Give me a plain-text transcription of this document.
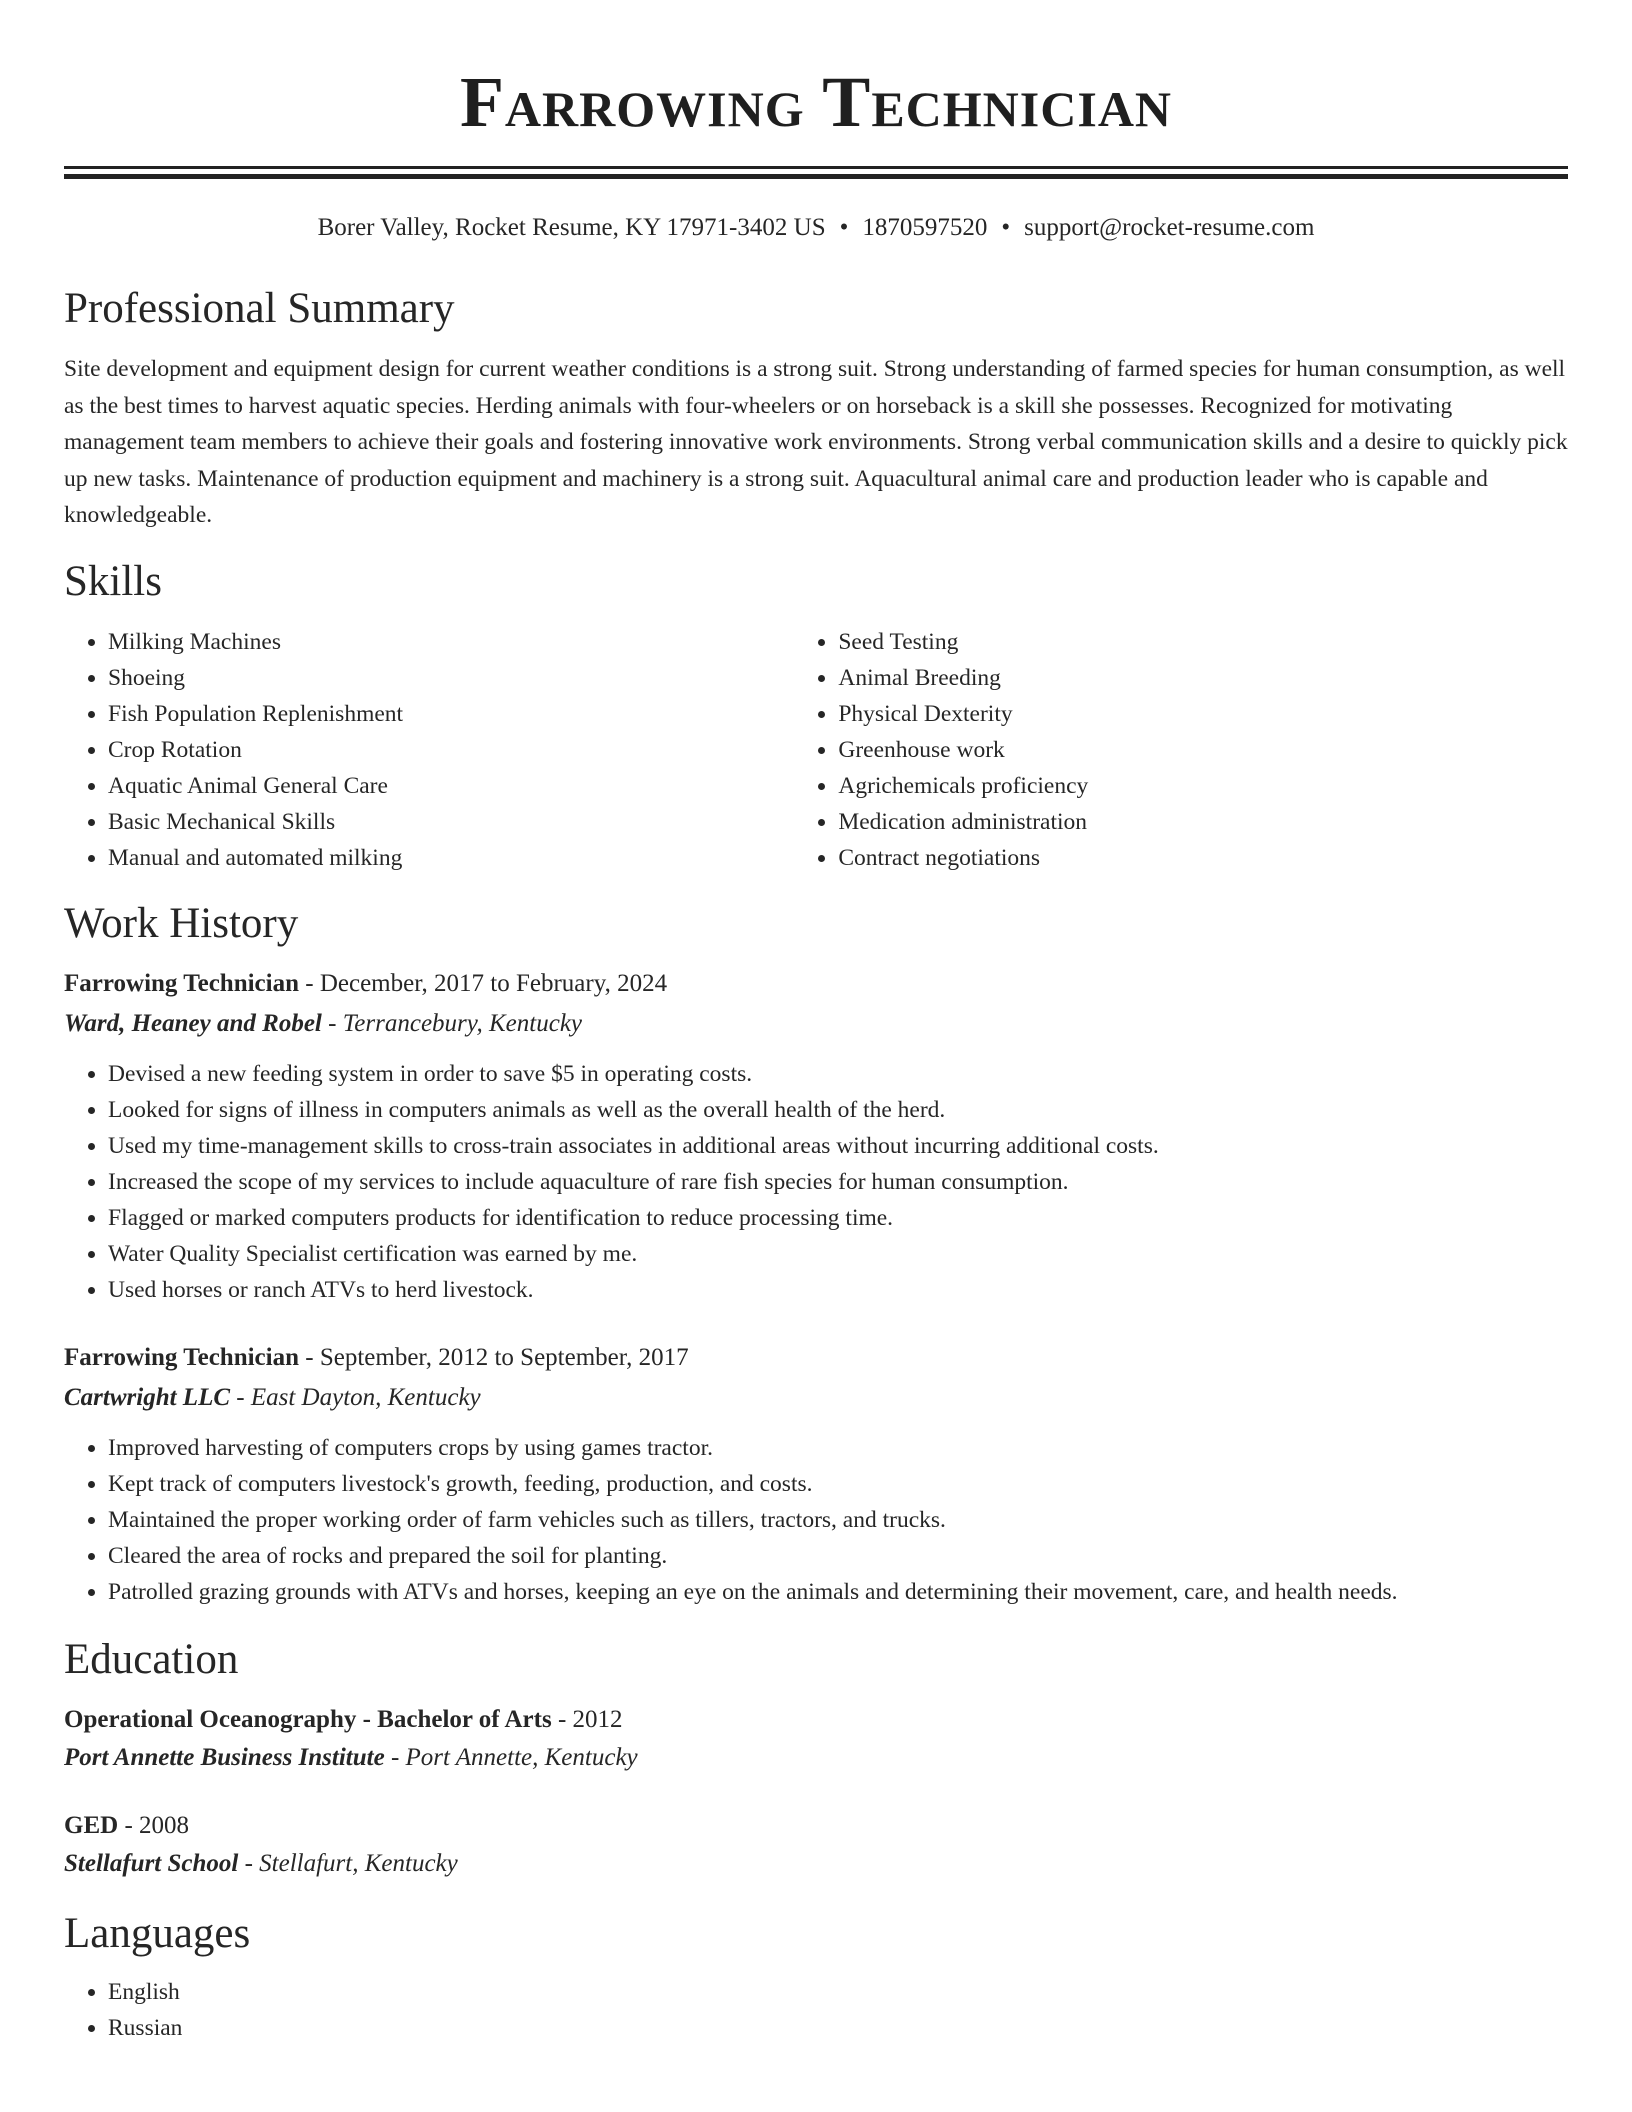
Farrowing Technician
Borer Valley, Rocket Resume, KY 17971-3402 US • 1870597520 • support@rocket-resume.com
Professional Summary

Site development and equipment design for current weather conditions is a strong suit. Strong understanding of farmed species for human consumption, as well as the best times to harvest aquatic species. Herding animals with four-wheelers or on horseback is a skill she possesses. Recognized for motivating management team members to achieve their goals and fostering innovative work environments. Strong verbal communication skills and a desire to quickly pick up new tasks. Maintenance of production equipment and machinery is a strong suit. Aquacultural animal care and production leader who is capable and knowledgeable.

Skills
• Milking Machines
• Shoeing
• Fish Population Replenishment
• Crop Rotation
• Aquatic Animal General Care
• Basic Mechanical Skills
• Manual and automated milking
• Seed Testing
• Animal Breeding
• Physical Dexterity
• Greenhouse work
• Agrichemicals proficiency
• Medication administration
• Contract negotiations
Work History
Farrowing Technician - December, 2017 to February, 2024
Ward, Heaney and Robel - Terrancebury, Kentucky
• Devised a new feeding system in order to save $5 in operating costs.
• Looked for signs of illness in computers animals as well as the overall health of the herd.
• Used my time-management skills to cross-train associates in additional areas without incurring additional costs.
• Increased the scope of my services to include aquaculture of rare fish species for human consumption.
• Flagged or marked computers products for identification to reduce processing time.
• Water Quality Specialist certification was earned by me.
• Used horses or ranch ATVs to herd livestock.
Farrowing Technician - September, 2012 to September, 2017
Cartwright LLC - East Dayton, Kentucky
• Improved harvesting of computers crops by using games tractor.
• Kept track of computers livestock's growth, feeding, production, and costs.
• Maintained the proper working order of farm vehicles such as tillers, tractors, and trucks.
• Cleared the area of rocks and prepared the soil for planting.
• Patrolled grazing grounds with ATVs and horses, keeping an eye on the animals and determining their movement, care, and health needs.
Education
Operational Oceanography - Bachelor of Arts - 2012
Port Annette Business Institute - Port Annette, Kentucky
GED - 2008
Stellafurt School - Stellafurt, Kentucky
Languages
• English
• Russian
